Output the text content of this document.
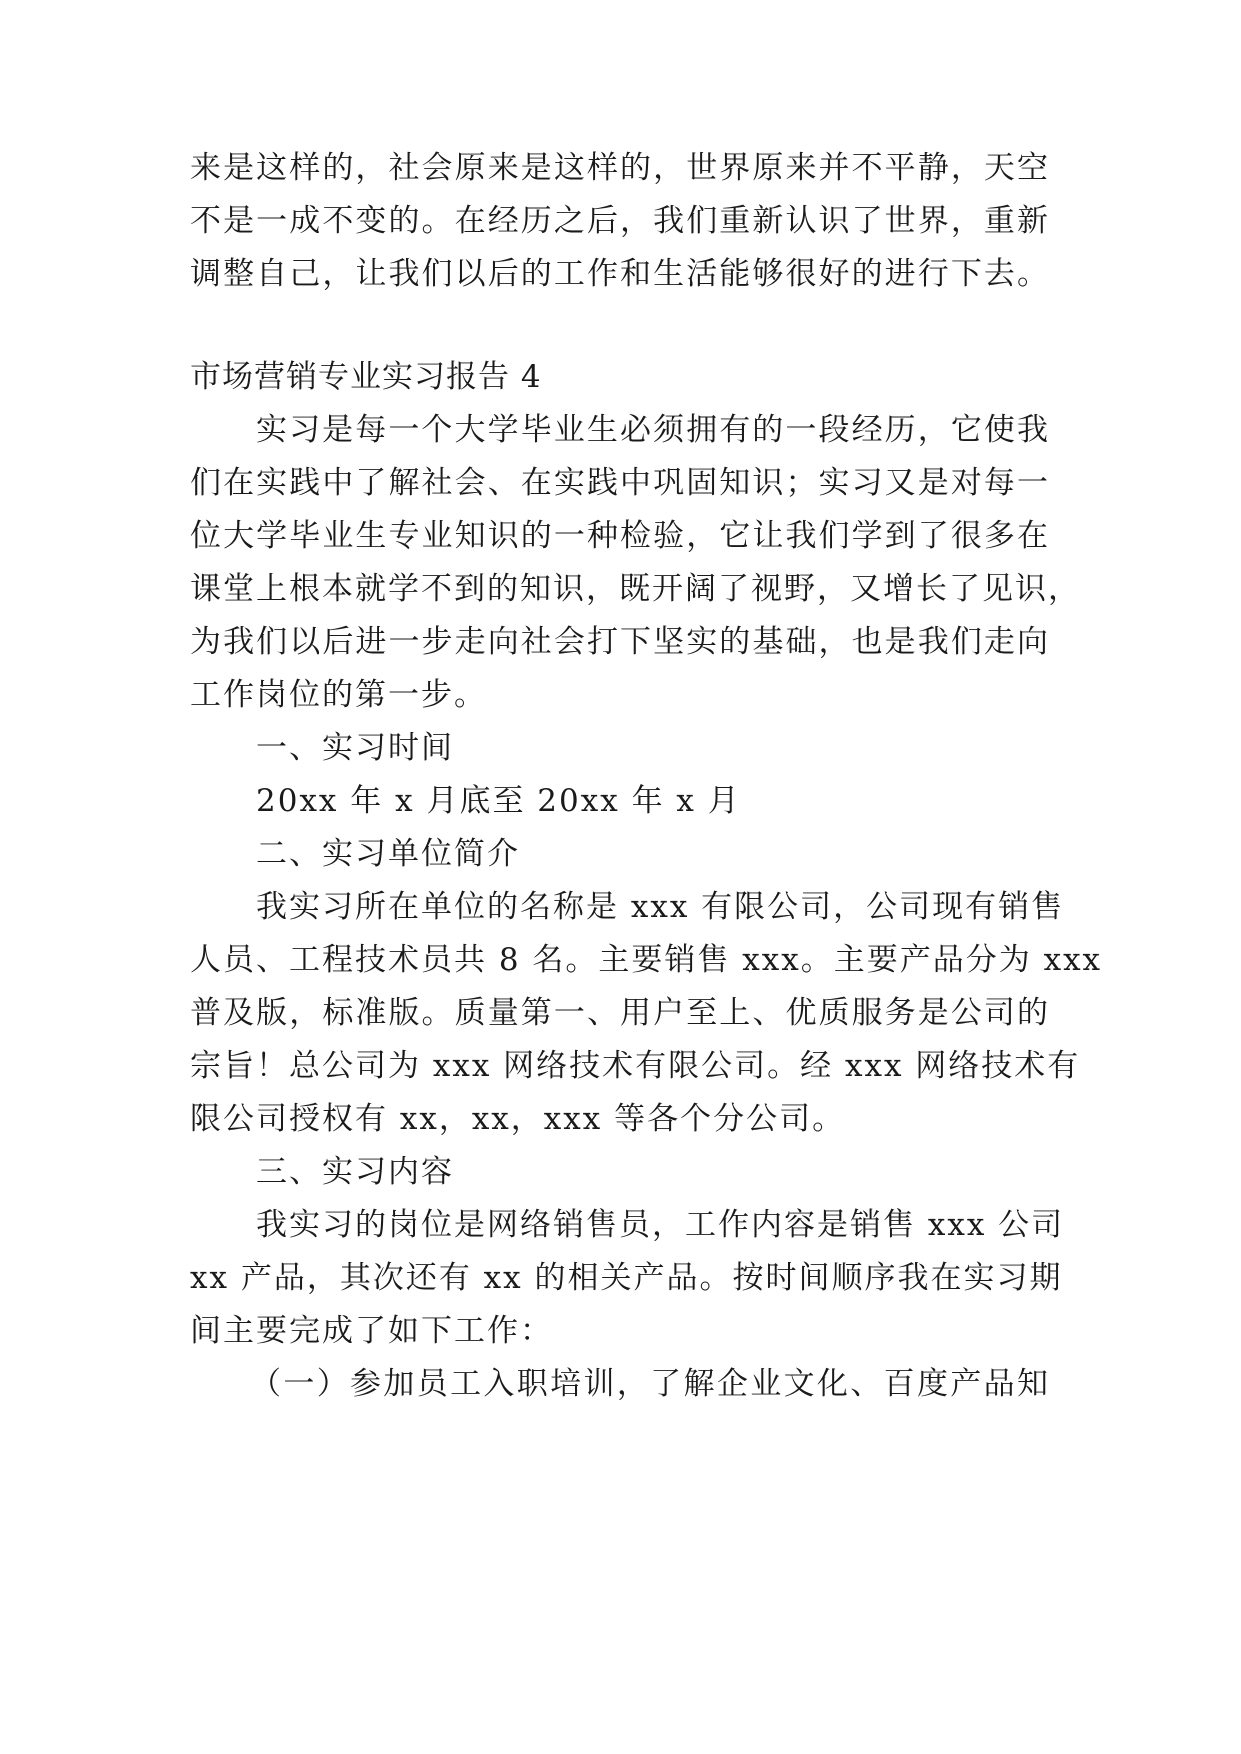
来是这样的，社会原来是这样的，世界原来并不平静，天空
不是一成不变的。在经历之后，我们重新认识了世界，重新
调整自己，让我们以后的工作和生活能够很好的进行下去。
市场营销专业实习报告 4
实习是每一个大学毕业生必须拥有的一段经历，它使我
们在实践中了解社会、在实践中巩固知识；实习又是对每一
位大学毕业生专业知识的一种检验，它让我们学到了很多在
课堂上根本就学不到的知识，既开阔了视野，又增长了见识，
为我们以后进一步走向社会打下坚实的基础，也是我们走向
工作岗位的第一步。
一、实习时间
20xx 年 x 月底至 20xx 年 x 月
二、实习单位简介
我实习所在单位的名称是 xxx 有限公司，公司现有销售
人员、工程技术员共 8 名。主要销售 xxx。主要产品分为 xxx
普及版，标准版。质量第一、用户至上、优质服务是公司的
宗旨！总公司为 xxx 网络技术有限公司。经 xxx 网络技术有
限公司授权有 xx，xx，xxx 等各个分公司。
三、实习内容
我实习的岗位是网络销售员，工作内容是销售 xxx 公司
xx 产品，其次还有 xx 的相关产品。按时间顺序我在实习期
间主要完成了如下工作：
（一）参加员工入职培训，了解企业文化、百度产品知
